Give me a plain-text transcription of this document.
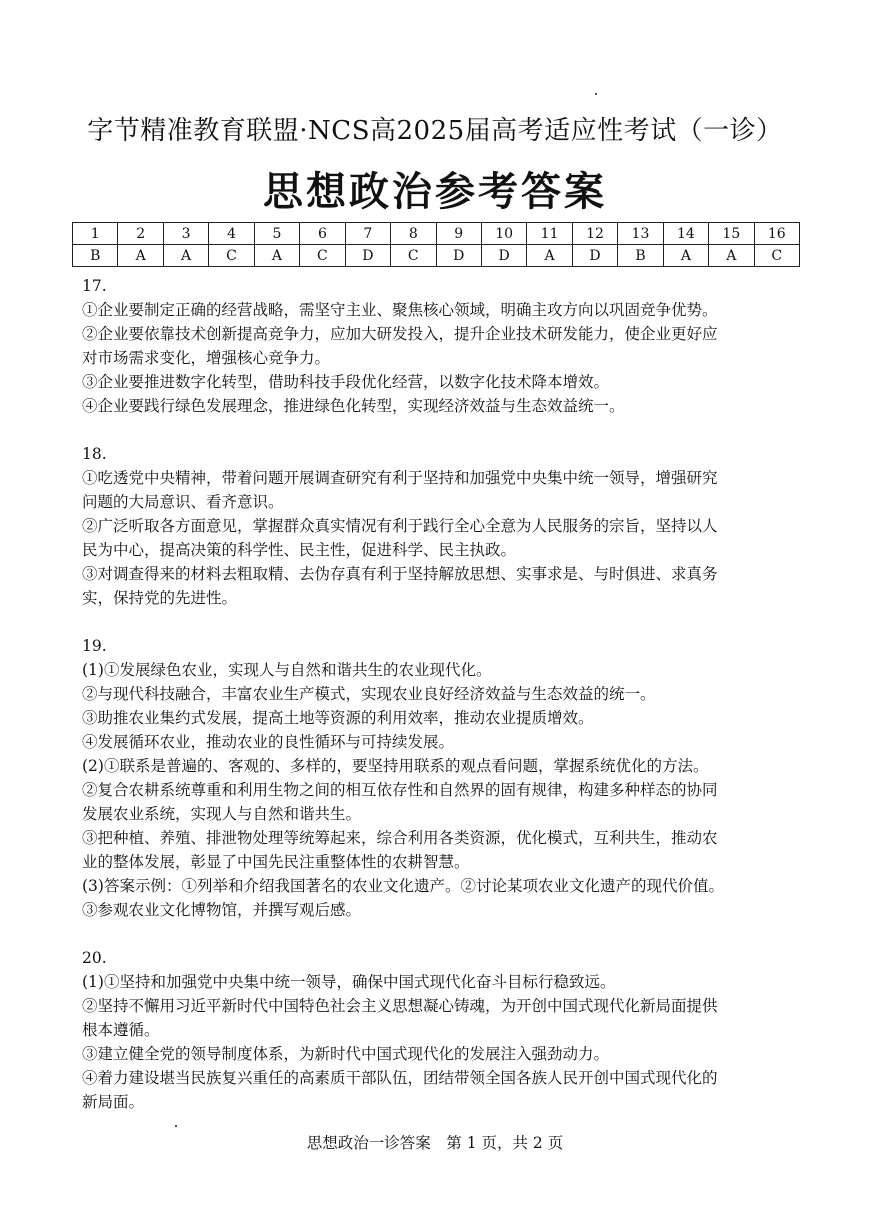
字节精准教育联盟·NCS高2025届高考适应性考试（一诊）
思想政治参考答案
1	2	3	4	5	6	7	8	9	10	11	12	13	14	15	16
B	A	A	C	A	C	D	C	D	D	A	D	B	A	A	C
17.
①企业要制定正确的经营战略，需坚守主业、聚焦核心领域，明确主攻方向以巩固竞争优势。
②企业要依靠技术创新提高竞争力，应加大研发投入，提升企业技术研发能力，使企业更好应
对市场需求变化，增强核心竞争力。
③企业要推进数字化转型，借助科技手段优化经营，以数字化技术降本增效。
④企业要践行绿色发展理念，推进绿色化转型，实现经济效益与生态效益统一。
18.
①吃透党中央精神，带着问题开展调查研究有利于坚持和加强党中央集中统一领导，增强研究
问题的大局意识、看齐意识。
②广泛听取各方面意见，掌握群众真实情况有利于践行全心全意为人民服务的宗旨，坚持以人
民为中心，提高决策的科学性、民主性，促进科学、民主执政。
③对调查得来的材料去粗取精、去伪存真有利于坚持解放思想、实事求是、与时俱进、求真务
实，保持党的先进性。
19.
(1)①发展绿色农业，实现人与自然和谐共生的农业现代化。
②与现代科技融合，丰富农业生产模式，实现农业良好经济效益与生态效益的统一。
③助推农业集约式发展，提高土地等资源的利用效率，推动农业提质增效。
④发展循环农业，推动农业的良性循环与可持续发展。
(2)①联系是普遍的、客观的、多样的，要坚持用联系的观点看问题，掌握系统优化的方法。
②复合农耕系统尊重和利用生物之间的相互依存性和自然界的固有规律，构建多种样态的协同
发展农业系统，实现人与自然和谐共生。
③把种植、养殖、排泄物处理等统筹起来，综合利用各类资源，优化模式，互利共生，推动农
业的整体发展，彰显了中国先民注重整体性的农耕智慧。
(3)答案示例：①列举和介绍我国著名的农业文化遗产。②讨论某项农业文化遗产的现代价值。
③参观农业文化博物馆，并撰写观后感。
20.
(1)①坚持和加强党中央集中统一领导，确保中国式现代化奋斗目标行稳致远。
②坚持不懈用习近平新时代中国特色社会主义思想凝心铸魂，为开创中国式现代化新局面提供
根本遵循。
③建立健全党的领导制度体系，为新时代中国式现代化的发展注入强劲动力。
④着力建设堪当民族复兴重任的高素质干部队伍，团结带领全国各族人民开创中国式现代化的
新局面。
思想政治一诊答案　第 1 页，共 2 页
